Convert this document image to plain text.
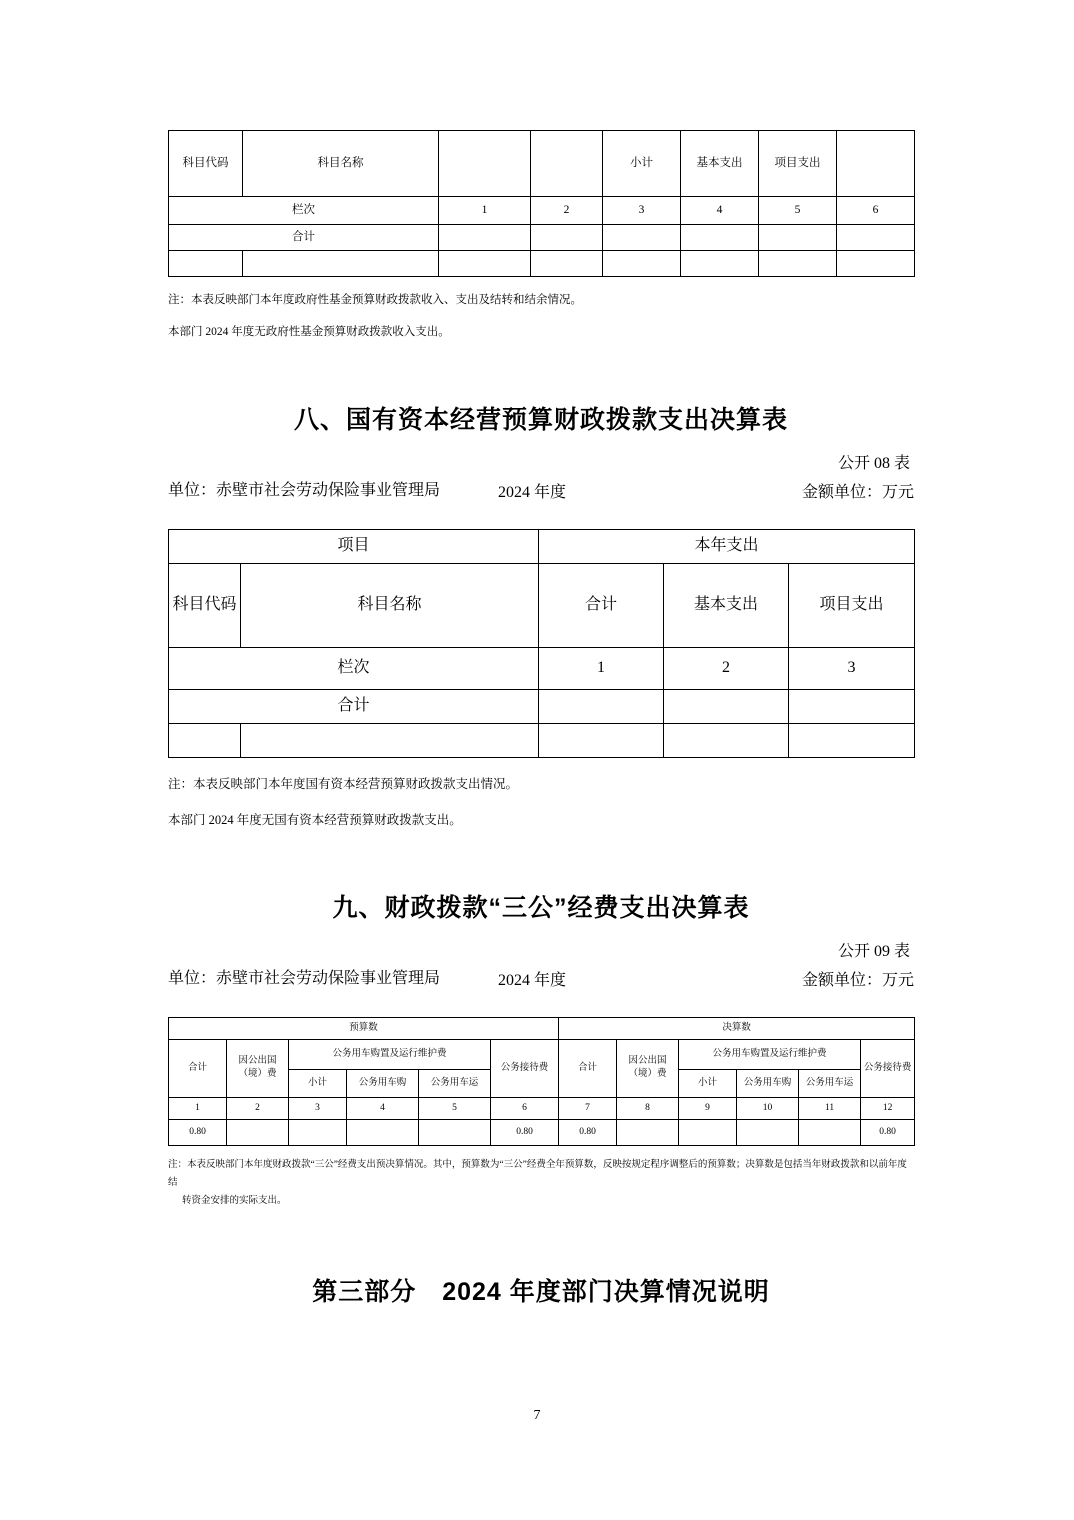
科目代码	科目名称			小计	基本支出	项目支出	
栏次		1	2	3	4	5	6
合计							

注：本表反映部门本年度政府性基金预算财政拨款收入、支出及结转和结余情况。
本部门 2024 年度无政府性基金预算财政拨款收入支出。
八、国有资本经营预算财政拨款支出决算表
公开 08 表
单位：赤壁市社会劳动保险事业管理局	2024 年度	金额单位：万元
项目		本年支出		
科目代码	科目名称	合计	基本支出	项目支出
栏次		1	2	3
合计				

注：本表反映部门本年度国有资本经营预算财政拨款支出情况。
本部门 2024 年度无国有资本经营预算财政拨款支出。
九、财政拨款“三公”经费支出决算表
公开 09 表
单位：赤壁市社会劳动保险事业管理局	2024 年度	金额单位：万元
预算数						决算数					
合计	因公出国（境）费	公务用车购置及运行维护费			公务接待费	合计	因公出国（境）费	公务用车购置及运行维护费			公务接待费
		小计	公务用车购	公务用车运				小计	公务用车购	公务用车运	
1	2	3	4	5	6	7	8	9	10	11	12
0.80					0.80	0.80					0.80
注：本表反映部门本年度财政拨款“三公”经费支出预决算情况。其中，预算数为“三公”经费全年预算数，反映按规定程序调整后的预算数；决算数是包括当年财政拨款和以前年度结
转资金安排的实际支出。
第三部分　2024 年度部门决算情况说明
7
